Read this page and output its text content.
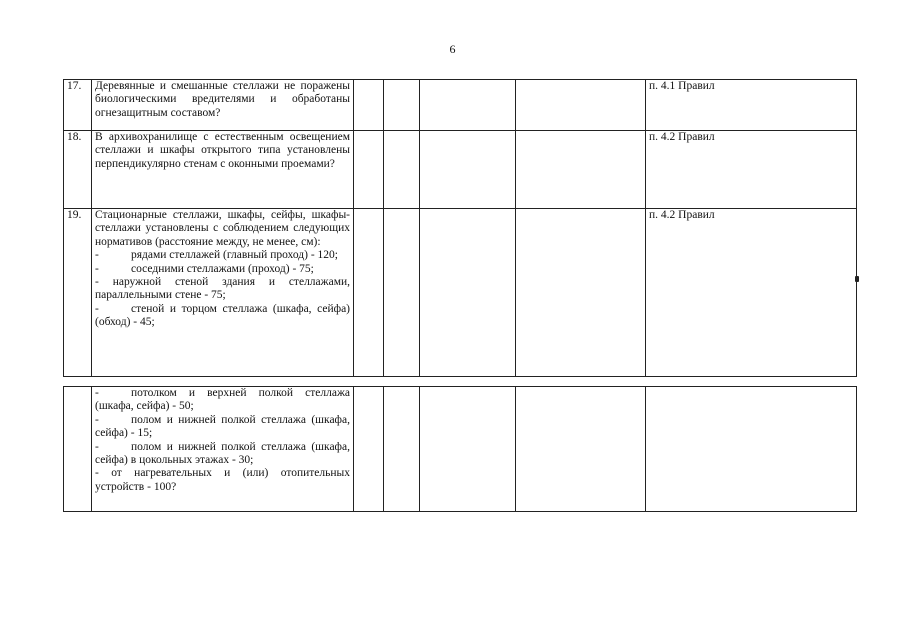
6
17.	Деревянные и смешанные стеллажи не поражены биологическими вредителями и обработаны огнезащитным составом?					п. 4.1 Правил
18.	В архивохранилище с естественным освещением стеллажи и шкафы открытого типа установлены перпендикулярно стенам с оконными проемами?					п. 4.2 Правил
19.	Стационарные стеллажи, шкафы, сейфы, шкафы-стеллажи установлены с соблюдением следующих нормативов (расстояние между, не менее, см):
- рядами стеллажей (главный проход) - 120;
- соседними стеллажами (проход) - 75;
- наружной стеной здания и стеллажами, параллельными стене - 75;
- стеной и торцом стеллажа (шкафа, сейфа) (обход) - 45;					п. 4.2 Правил

-	потолком и верхней полкой стеллажа (шкафа, сейфа) - 50;
-	полом и нижней полкой стеллажа (шкафа, сейфа) - 15;
-	полом и нижней полкой стеллажа (шкафа, сейфа) в цокольных этажах - 30;
- от нагревательных и (или) отопительных устройств - 100?
